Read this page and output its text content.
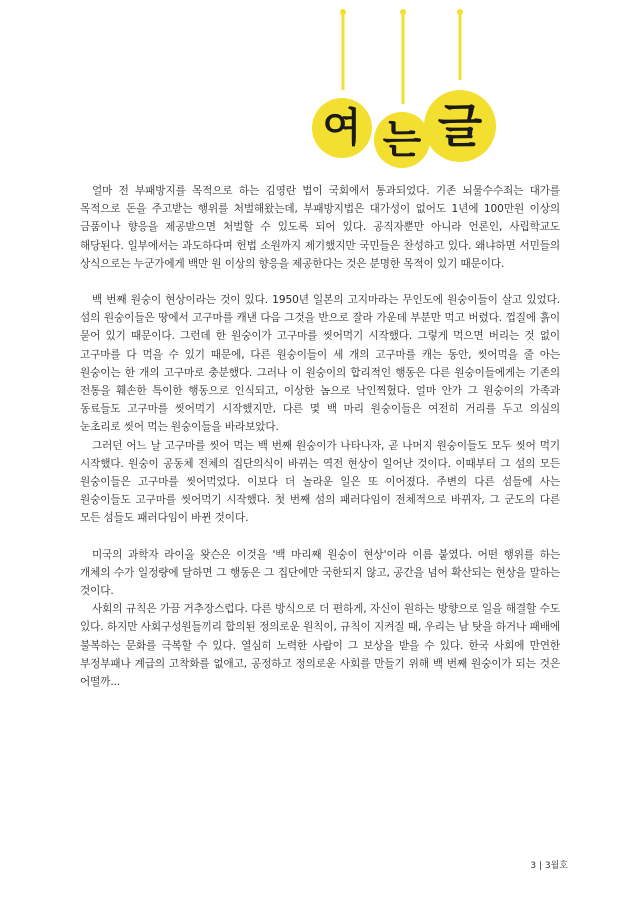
여 는 글

얼마 전 부패방지를 목적으로 하는 김영란 법이 국회에서 통과되었다. 기존 뇌물수수죄는 대가를 목적으로 돈을 주고받는 행위를 처벌해왔는데, 부패방지법은 대가성이 없어도 1년에 100만원 이상의 금품이나 향응을 제공받으면 처벌할 수 있도록 되어 있다. 공직자뿐만 아니라 언론인, 사립학교도 해당된다. 일부에서는 과도하다며 헌법 소원까지 제기했지만 국민들은 찬성하고 있다. 왜냐하면 서민들의 상식으로는 누군가에게 백만 원 이상의 향응을 제공한다는 것은 분명한 목적이 있기 때문이다.

백 번째 원숭이 현상이라는 것이 있다. 1950년 일본의 고지마라는 무인도에 원숭이들이 살고 있었다. 섬의 원숭이들은 땅에서 고구마를 캐낸 다음 그것을 반으로 잘라 가운데 부분만 먹고 버렸다. 껍질에 흙이 묻어 있기 때문이다. 그런데 한 원숭이가 고구마를 씻어먹기 시작했다. 그렇게 먹으면 버리는 것 없이 고구마를 다 먹을 수 있기 때문에, 다른 원숭이들이 세 개의 고구마를 캐는 동안, 씻어먹을 줄 아는 원숭이는 한 개의 고구마로 충분했다. 그러나 이 원숭이의 합리적인 행동은 다른 원숭이들에게는 기존의 전통을 훼손한 특이한 행동으로 인식되고, 이상한 놈으로 낙인찍혔다. 얼마 안가 그 원숭이의 가족과 동료들도 고구마를 씻어먹기 시작했지만, 다른 몇 백 마리 원숭이들은 여전히 거리를 두고 의심의 눈초리로 씻어 먹는 원숭이들을 바라보았다.

그러던 어느 날 고구마를 씻어 먹는 백 번째 원숭이가 나타나자, 곧 나머지 원숭이들도 모두 씻어 먹기 시작했다. 원숭이 공동체 전체의 집단의식이 바뀌는 역전 현상이 일어난 것이다. 이때부터 그 섬의 모든 원숭이들은 고구마를 씻어먹었다. 이보다 더 놀라운 일은 또 이어졌다. 주변의 다른 섬들에 사는 원숭이들도 고구마를 씻어먹기 시작했다. 첫 번째 섬의 패러다임이 전체적으로 바뀌자, 그 군도의 다른 모든 섬들도 패러다임이 바뀐 것이다.

미국의 과학자 라이올 왓슨은 이것을 '백 마리째 원숭이 현상'이라 이름 붙였다. 어떤 행위를 하는 개체의 수가 일정량에 달하면 그 행동은 그 집단에만 국한되지 않고, 공간을 넘어 확산되는 현상을 말하는 것이다.

사회의 규칙은 가끔 거추장스럽다. 다른 방식으로 더 편하게, 자신이 원하는 방향으로 일을 해결할 수도 있다. 하지만 사회구성원들끼리 합의된 정의로운 원칙이, 규칙이 지켜질 때, 우리는 남 탓을 하거나 패배에 불복하는 문화를 극복할 수 있다. 열심히 노력한 사람이 그 보상을 받을 수 있다. 한국 사회에 만연한 부정부패나 계급의 고착화를 없애고, 공정하고 정의로운 사회를 만들기 위해 백 번째 원숭이가 되는 것은 어떨까...

3 | 3월호
